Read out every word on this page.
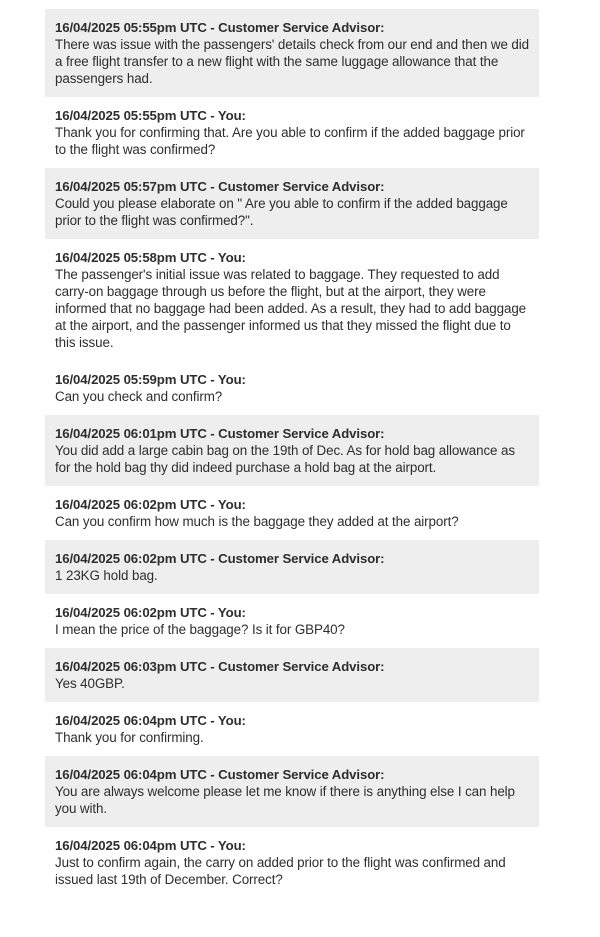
16/04/2025 05:55pm UTC - Customer Service Advisor:
There was issue with the passengers' details check from our end and then we did a free flight transfer to a new flight with the same luggage allowance that the passengers had.
16/04/2025 05:55pm UTC - You:
Thank you for confirming that. Are you able to confirm if the added baggage prior to the flight was confirmed?
16/04/2025 05:57pm UTC - Customer Service Advisor:
Could you please elaborate on " Are you able to confirm if the added baggage prior to the flight was confirmed?".
16/04/2025 05:58pm UTC - You:
The passenger's initial issue was related to baggage. They requested to add carry-on baggage through us before the flight, but at the airport, they were informed that no baggage had been added. As a result, they had to add baggage at the airport, and the passenger informed us that they missed the flight due to this issue.
16/04/2025 05:59pm UTC - You:
Can you check and confirm?
16/04/2025 06:01pm UTC - Customer Service Advisor:
You did add a large cabin bag on the 19th of Dec. As for hold bag allowance as for the hold bag thy did indeed purchase a hold bag at the airport.
16/04/2025 06:02pm UTC - You:
Can you confirm how much is the baggage they added at the airport?
16/04/2025 06:02pm UTC - Customer Service Advisor:
1 23KG hold bag.
16/04/2025 06:02pm UTC - You:
I mean the price of the baggage? Is it for GBP40?
16/04/2025 06:03pm UTC - Customer Service Advisor:
Yes 40GBP.
16/04/2025 06:04pm UTC - You:
Thank you for confirming.
16/04/2025 06:04pm UTC - Customer Service Advisor:
You are always welcome please let me know if there is anything else I can help you with.
16/04/2025 06:04pm UTC - You:
Just to confirm again, the carry on added prior to the flight was confirmed and issued last 19th of December. Correct?
